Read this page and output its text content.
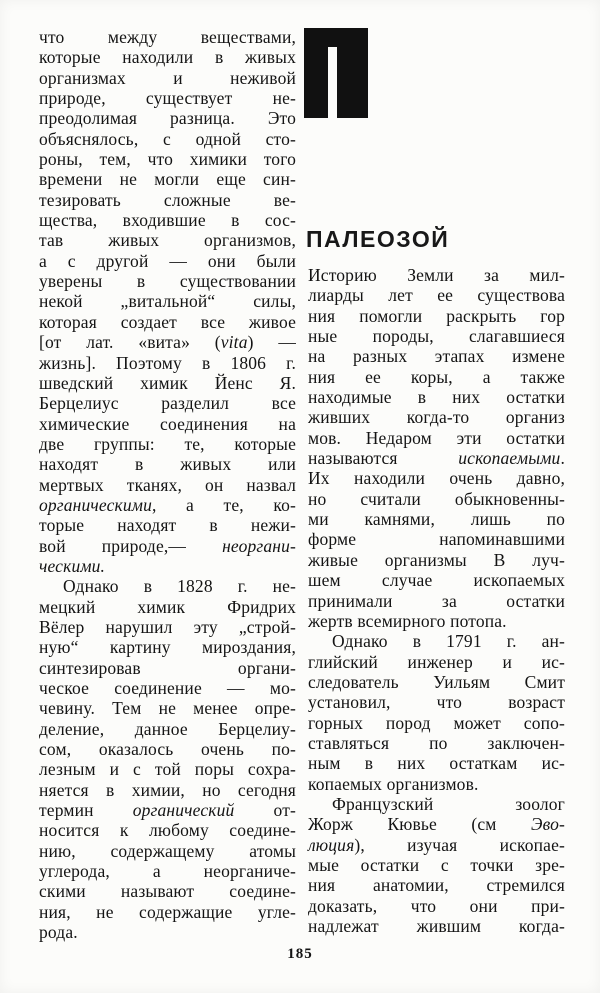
что между веществами,
которые находили в живых
организмах и неживой
природе, существует не-
преодолимая разница. Это
объяснялось, с одной сто-
роны, тем, что химики того
времени не могли еще син-
тезировать сложные ве-
щества, входившие в сос-
тав живых организмов,
а с другой — они были
уверены в существовании
некой „витальной“ силы,
которая создает все живое
[от лат. «вита» (vita) —
жизнь]. Поэтому в 1806 г.
шведский химик Йенс Я.
Берцелиус разделил все
химические соединения на
две группы: те, которые
находят в живых или
мертвых тканях, он назвал
органическими, а те, ко-
торые находят в нежи-
вой природе,— неоргани-
ческими.
Однако в 1828 г. не-
мецкий химик Фридрих
Вёлер нарушил эту „строй-
ную“ картину мироздания,
синтезировав органи-
ческое соединение — мо-
чевину. Тем не менее опре-
деление, данное Берцелиу-
сом, оказалось очень по-
лезным и с той поры сохра-
няется в химии, но сегодня
термин органический от-
носится к любому соедине-
нию, содержащему атомы
углерода, а неорганиче-
скими называют соедине-
ния, не содержащие угле-
рода.
ПАЛЕОЗОЙ
Историю Земли за мил-
лиарды лет ее существова
ния помогли раскрыть гор
ные породы, слагавшиеся
на разных этапах измене
ния ее коры, а также
находимые в них остатки
живших когда-то организ
мов. Недаром эти остатки
называются ископаемыми.
Их находили очень давно,
но считали обыкновенны-
ми камнями, лишь по
форме напоминавшими
живые организмы В луч-
шем случае ископаемых
принимали за остатки
жертв всемирного потопа.
Однако в 1791 г. ан-
глийский инженер и ис-
следователь Уильям Смит
установил, что возраст
горных пород может сопо-
ставляться по заключен-
ным в них остаткам ис-
копаемых организмов.
Французский зоолог
Жорж Кювье (см Эво-
люция), изучая ископае-
мые остатки с точки зре-
ния анатомии, стремился
доказать, что они при-
надлежат жившим когда-
185
